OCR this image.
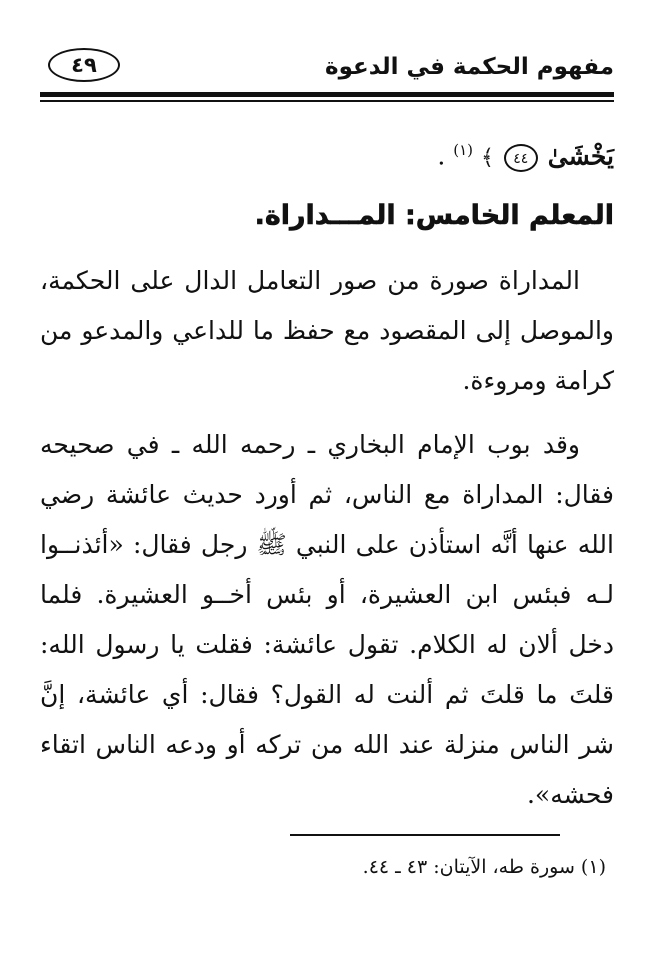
٤٩	مفهوم الحكمة في الدعوة
يَخْشَىٰ ٤٤ ﴾ $^{(١)}$ .
المعلم الخامس: المـــداراة.

المداراة صورة من صور التعامل الدال على الحكمة، والموصل إلى المقصود مع حفظ ما للداعي والمدعو من كرامة ومروءة.

وقد بوب الإمام البخاري ـ رحمه الله ـ في صحيحه فقال: المداراة مع الناس، ثم أورد حديث عائشة رضي الله عنها أنَّه استأذن على النبي ﷺ رجل فقال: «أئذنــوا لـه فبئس ابن العشيرة، أو بئس أخــو العشيرة. فلما دخل ألان له الكلام. تقول عائشة: فقلت يا رسول الله: قلتَ ما قلتَ ثم ألنت له القول؟ فقال: أي عائشة، إنَّ شر الناس منزلة عند الله من تركه أو ودعه الناس اتقاء فحشه».

(١) سورة طه، الآيتان: ٤٣ ـ ٤٤.
